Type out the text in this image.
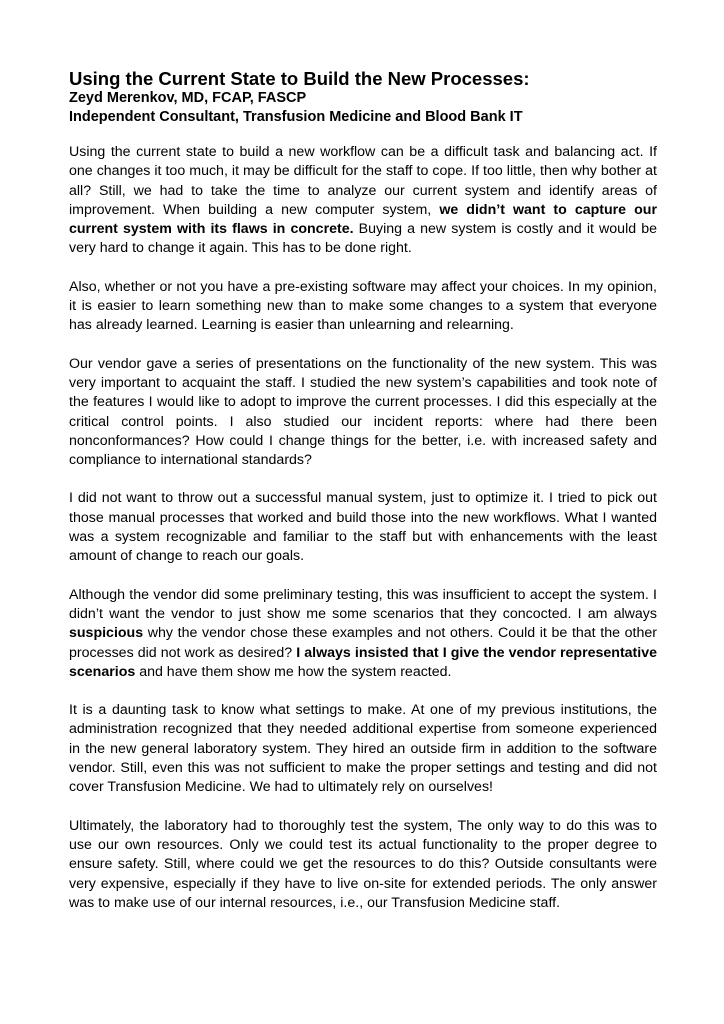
Using the Current State to Build the New Processes:

Zeyd Merenkov, MD, FCAP, FASCP

Independent Consultant, Transfusion Medicine and Blood Bank IT

Using the current state to build a new workflow can be a difficult task and balancing act. If one changes it too much, it may be difficult for the staff to cope. If too little, then why bother at all? Still, we had to take the time to analyze our current system and identify areas of improvement. When building a new computer system, we didn’t want to capture our current system with its flaws in concrete. Buying a new system is costly and it would be very hard to change it again. This has to be done right.

Also, whether or not you have a pre-existing software may affect your choices. In my opinion, it is easier to learn something new than to make some changes to a system that everyone has already learned. Learning is easier than unlearning and relearning.

Our vendor gave a series of presentations on the functionality of the new system. This was very important to acquaint the staff. I studied the new system’s capabilities and took note of the features I would like to adopt to improve the current processes. I did this especially at the critical control points. I also studied our incident reports: where had there been nonconformances? How could I change things for the better, i.e. with increased safety and compliance to international standards?

I did not want to throw out a successful manual system, just to optimize it. I tried to pick out those manual processes that worked and build those into the new workflows. What I wanted was a system recognizable and familiar to the staff but with enhancements with the least amount of change to reach our goals.

Although the vendor did some preliminary testing, this was insufficient to accept the system. I didn’t want the vendor to just show me some scenarios that they concocted. I am always suspicious why the vendor chose these examples and not others. Could it be that the other processes did not work as desired? I always insisted that I give the vendor representative scenarios and have them show me how the system reacted.

It is a daunting task to know what settings to make. At one of my previous institutions, the administration recognized that they needed additional expertise from someone experienced in the new general laboratory system. They hired an outside firm in addition to the software vendor. Still, even this was not sufficient to make the proper settings and testing and did not cover Transfusion Medicine. We had to ultimately rely on ourselves!

Ultimately, the laboratory had to thoroughly test the system, The only way to do this was to use our own resources. Only we could test its actual functionality to the proper degree to ensure safety. Still, where could we get the resources to do this? Outside consultants were very expensive, especially if they have to live on-site for extended periods. The only answer was to make use of our internal resources, i.e., our Transfusion Medicine staff.
